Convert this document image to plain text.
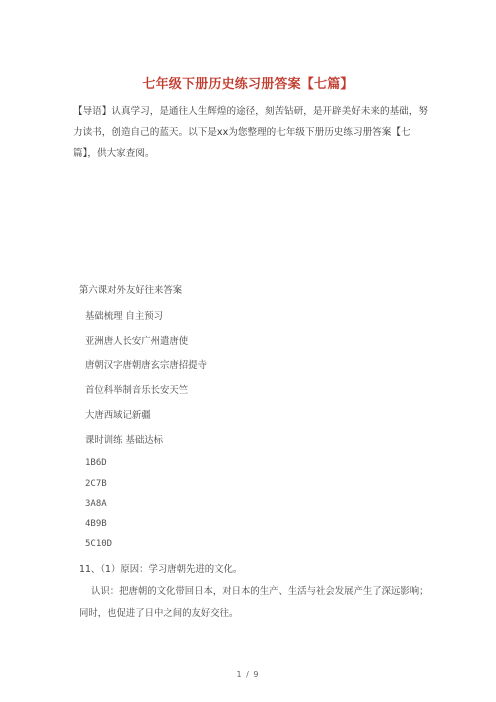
七年级下册历史练习册答案【七篇】

【导语】认真学习，是通往人生辉煌的途径，刻苦钻研，是开辟美好未来的基础，努力读书，创造自己的蓝天。以下是xx为您整理的七年级下册历史练习册答案【七篇】，供大家查阅。

第六课对外友好往来答案
基础梳理 自主预习
亚洲唐人长安广州遣唐使
唐朝汉字唐朝唐玄宗唐招提寺
首位科举制音乐长安天竺
大唐西域记新疆
课时训练 基础达标
1B6D
2C7B
3A8A
4B9B
5C10D
11、（1）原因：学习唐朝先进的文化。

认识：把唐朝的文化带回日本，对日本的生产、生活与社会发展产生了深远影响；同时，也促进了日中之间的友好交往。

1 / 9
